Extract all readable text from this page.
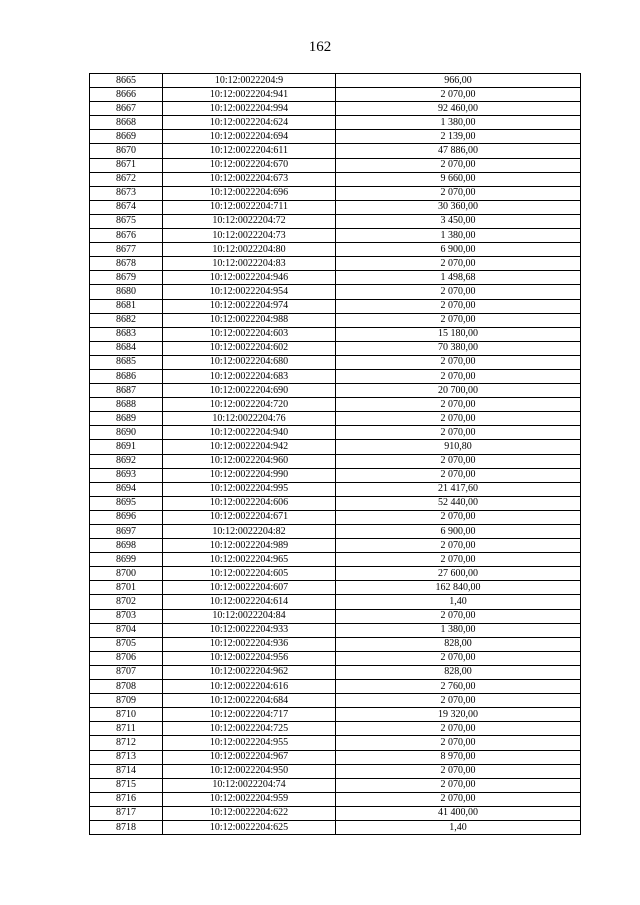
162
8665	10:12:0022204:9	966,00
8666	10:12:0022204:941	2 070,00
8667	10:12:0022204:994	92 460,00
8668	10:12:0022204:624	1 380,00
8669	10:12:0022204:694	2 139,00
8670	10:12:0022204:611	47 886,00
8671	10:12:0022204:670	2 070,00
8672	10:12:0022204:673	9 660,00
8673	10:12:0022204:696	2 070,00
8674	10:12:0022204:711	30 360,00
8675	10:12:0022204:72	3 450,00
8676	10:12:0022204:73	1 380,00
8677	10:12:0022204:80	6 900,00
8678	10:12:0022204:83	2 070,00
8679	10:12:0022204:946	1 498,68
8680	10:12:0022204:954	2 070,00
8681	10:12:0022204:974	2 070,00
8682	10:12:0022204:988	2 070,00
8683	10:12:0022204:603	15 180,00
8684	10:12:0022204:602	70 380,00
8685	10:12:0022204:680	2 070,00
8686	10:12:0022204:683	2 070,00
8687	10:12:0022204:690	20 700,00
8688	10:12:0022204:720	2 070,00
8689	10:12:0022204:76	2 070,00
8690	10:12:0022204:940	2 070,00
8691	10:12:0022204:942	910,80
8692	10:12:0022204:960	2 070,00
8693	10:12:0022204:990	2 070,00
8694	10:12:0022204:995	21 417,60
8695	10:12:0022204:606	52 440,00
8696	10:12:0022204:671	2 070,00
8697	10:12:0022204:82	6 900,00
8698	10:12:0022204:989	2 070,00
8699	10:12:0022204:965	2 070,00
8700	10:12:0022204:605	27 600,00
8701	10:12:0022204:607	162 840,00
8702	10:12:0022204:614	1,40
8703	10:12:0022204:84	2 070,00
8704	10:12:0022204:933	1 380,00
8705	10:12:0022204:936	828,00
8706	10:12:0022204:956	2 070,00
8707	10:12:0022204:962	828,00
8708	10:12:0022204:616	2 760,00
8709	10:12:0022204:684	2 070,00
8710	10:12:0022204:717	19 320,00
8711	10:12:0022204:725	2 070,00
8712	10:12:0022204:955	2 070,00
8713	10:12:0022204:967	8 970,00
8714	10:12:0022204:950	2 070,00
8715	10:12:0022204:74	2 070,00
8716	10:12:0022204:959	2 070,00
8717	10:12:0022204:622	41 400,00
8718	10:12:0022204:625	1,40
